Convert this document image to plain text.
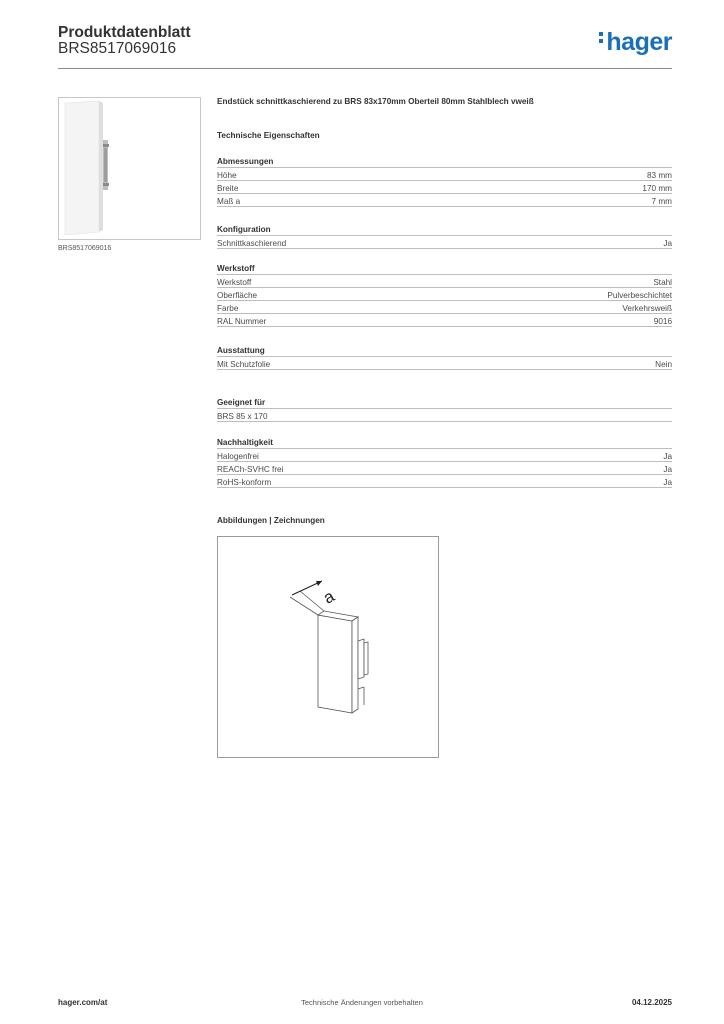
Produktdatenblatt
BRS8517069016	hager
BRS8517069016
Endstück schnittkaschierend zu BRS 83x170mm Oberteil 80mm Stahlblech vweiß
Technische Eigenschaften
Abmessungen
Höhe	83 mm
Breite	170 mm
Maß a	7 mm
Konfiguration
Schnittkaschierend	Ja
Werkstoff
Werkstoff	Stahl
Oberfläche	Pulverbeschichtet
Farbe	Verkehrsweiß
RAL Nummer	9016
Ausstattung
Mit Schutzfolie	Nein
Geeignet für
BRS 85 x 170
Nachhaltigkeit
Halogenfrei	Ja
REACh-SVHC frei	Ja
RoHS-konform	Ja
Abbildungen | Zeichnungen
a
hager.com/at	Technische Änderungen vorbehalten	04.12.2025
